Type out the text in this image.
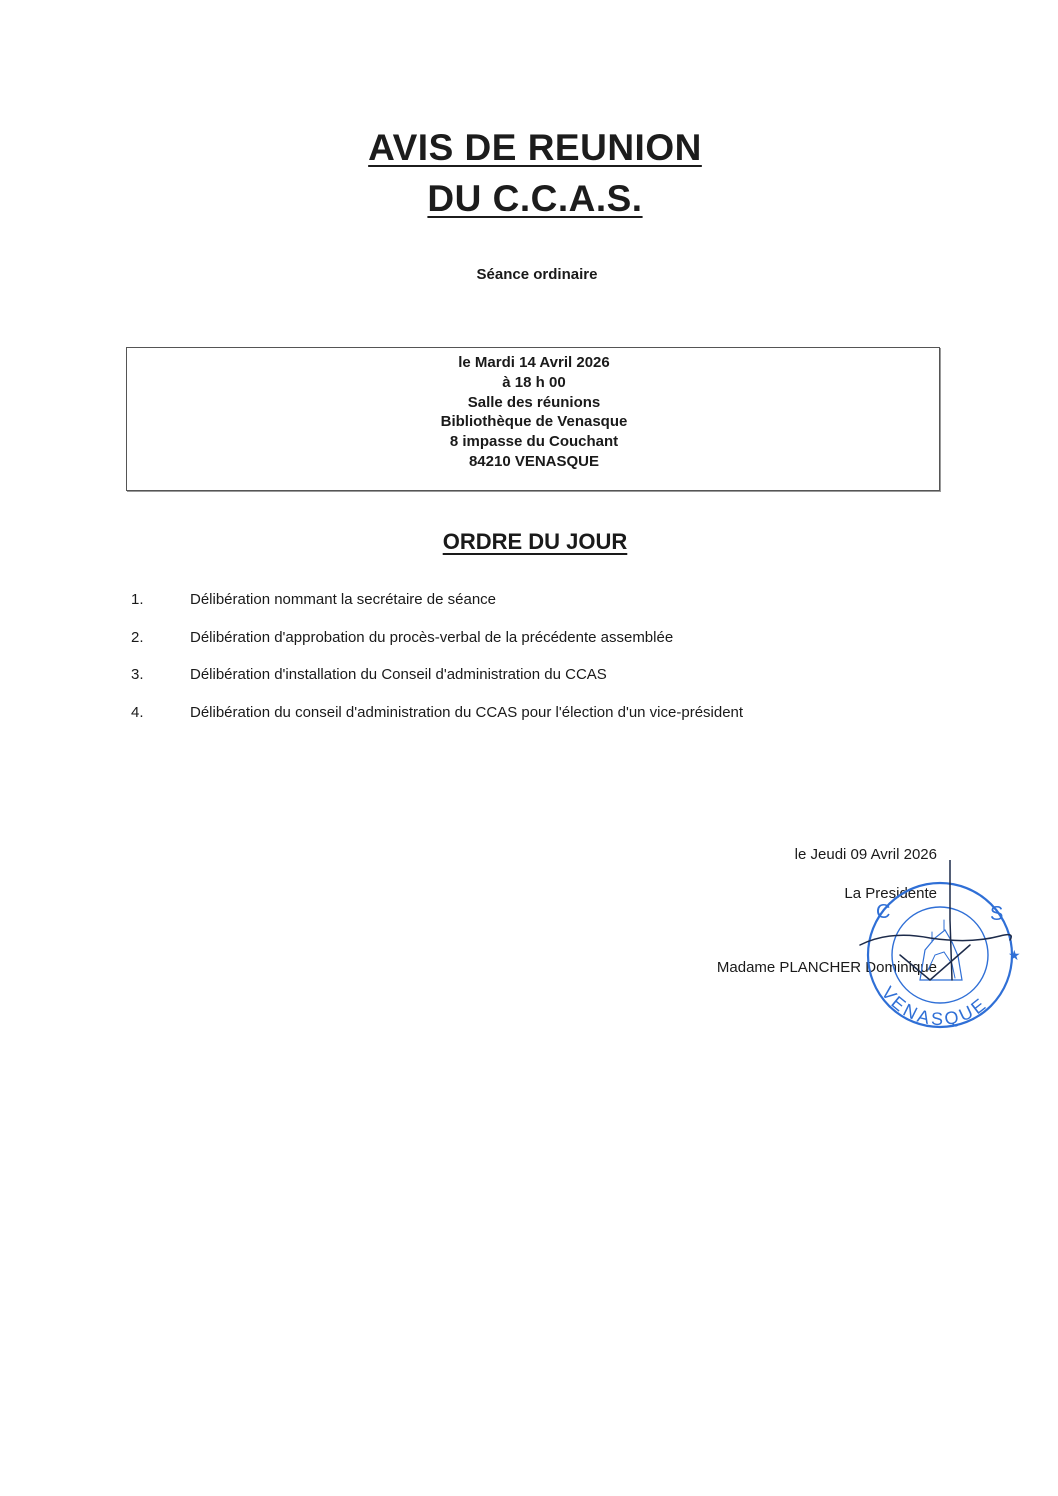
AVIS DE REUNION
DU C.C.A.S.
Séance ordinaire
le Mardi 14 Avril 2026
à 18 h 00
Salle des réunions
Bibliothèque de Venasque
8 impasse du Couchant
84210 VENASQUE
ORDRE DU JOUR
1.	Délibération nommant la secrétaire de séance
2.	Délibération d'approbation du procès-verbal de la précédente assemblée
3.	Délibération d'installation du Conseil d'administration du CCAS
4.	Délibération du conseil d'administration du CCAS pour l'élection d'un vice-président
le Jeudi 09 Avril 2026
La Presidente
Madame PLANCHER Dominique
C	S
★
VENASQUE
